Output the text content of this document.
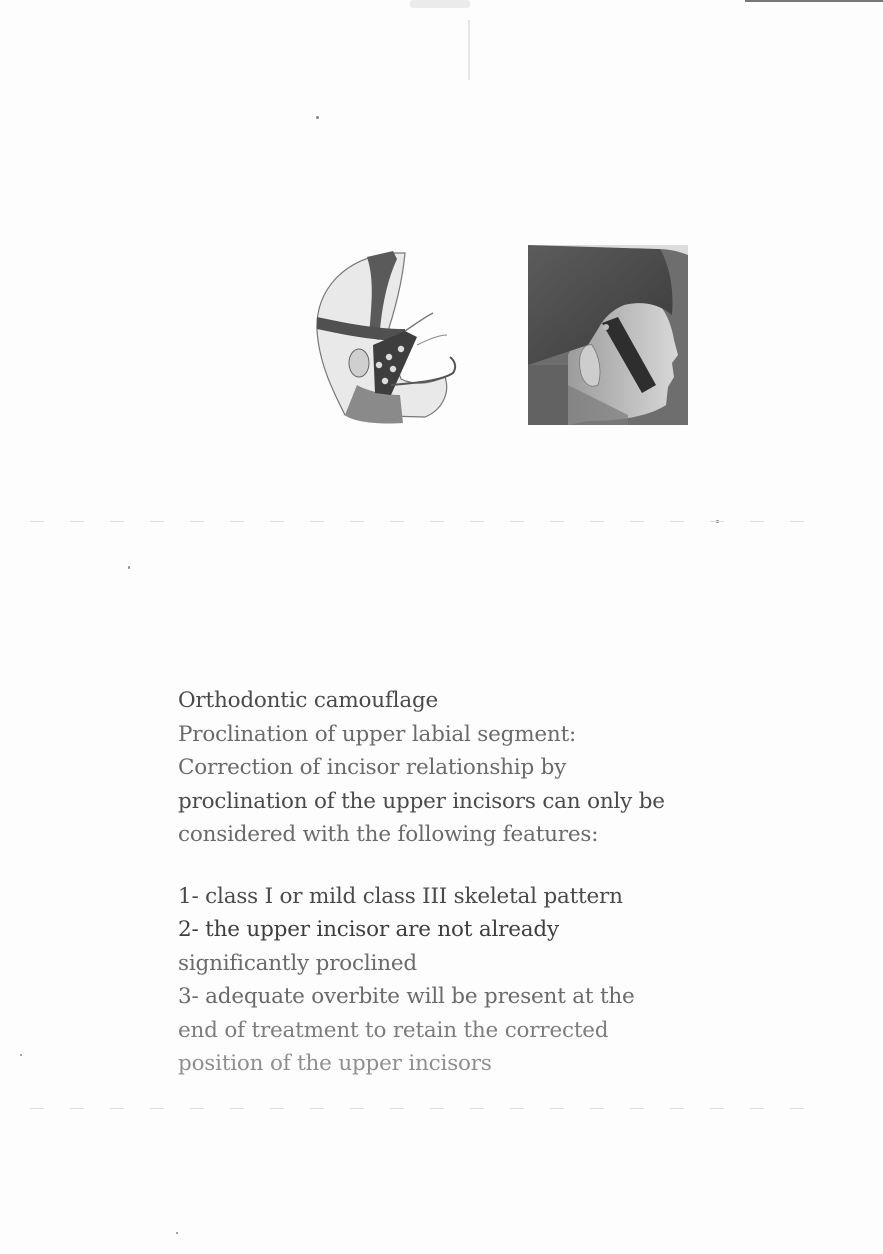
Orthodontic camouflage
Proclination of upper labial segment:
Correction of incisor relationship by
proclination of the upper incisors can only be
considered with the following features:
1- class I or mild class III skeletal pattern
2- the upper incisor are not already
significantly proclined
3- adequate overbite will be present at the
end of treatment to retain the corrected
position of the upper incisors
